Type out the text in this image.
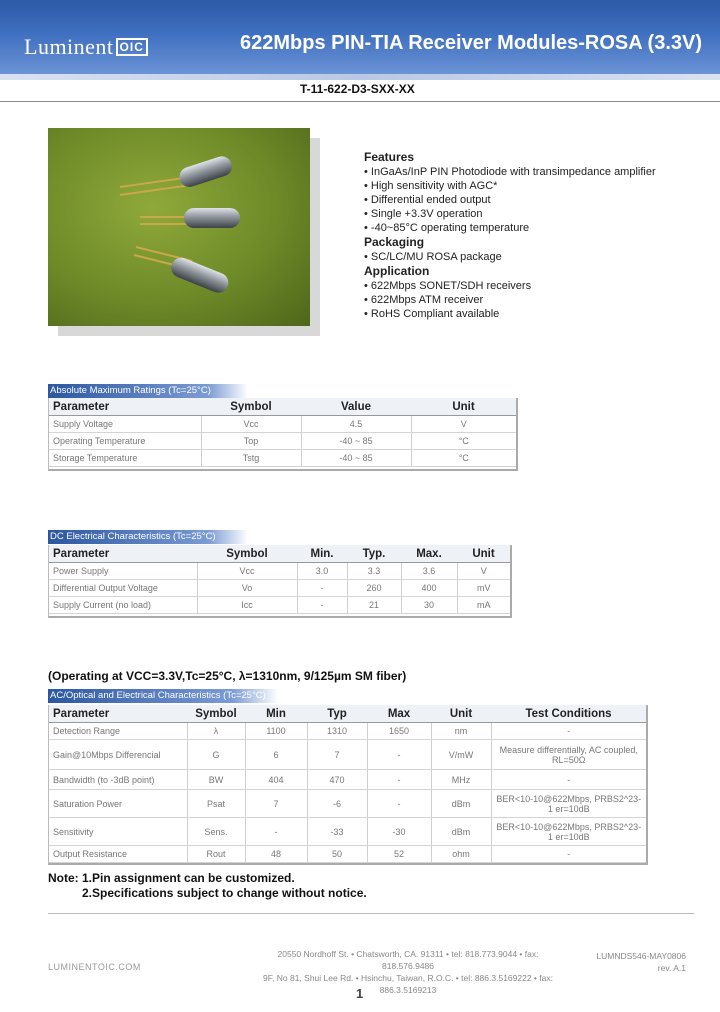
Luminent OIC	622Mbps PIN-TIA Receiver Modules-ROSA (3.3V)
T-11-622-D3-SXX-XX
Features
• InGaAs/InP PIN Photodiode with transimpedance amplifier
• High sensitivity with AGC*
• Differential ended output
• Single +3.3V operation
• -40~85°C operating temperature
Packaging
• SC/LC/MU ROSA package
Application
• 622Mbps SONET/SDH receivers
• 622Mbps ATM receiver
• RoHS Compliant available
Absolute Maximum Ratings (Tc=25°C)
Parameter	Symbol	Value	Unit
Supply Voltage	Vcc	4.5	V
Operating Temperature	Top	-40 ~ 85	°C
Storage Temperature	Tstg	-40 ~ 85	°C
DC Electrical Characteristics (Tc=25°C)
Parameter	Symbol	Min.	Typ.	Max.	Unit
Power Supply	Vcc	3.0	3.3	3.6	V
Differential Output Voltage	Vo	-	260	400	mV
Supply Current (no load)	Icc	-	21	30	mA
(Operating at VCC=3.3V,Tc=25°C, λ=1310nm, 9/125µm SM fiber)
AC/Optical and Electrical Characteristics (Tc=25°C)
Parameter	Symbol	Min	Typ	Max	Unit	Test Conditions
Detection Range	λ	1100	1310	1650	nm	-
Gain@10Mbps Differencial	G	6	7	-	V/mW	Measure differentially, AC coupled, RL=50Ω
Bandwidth (to -3dB point)	BW	404	470	-	MHz	-
Saturation Power	Psat	7	-6	-	dBm	BER<10-10@622Mbps, PRBS2^23-1 er=10dB
Sensitivity	Sens.	-	-33	-30	dBm	BER<10-10@622Mbps, PRBS2^23-1 er=10dB
Output Resistance	Rout	48	50	52	ohm	-
Note: 1.Pin assignment can be customized.
2.Specifications subject to change without notice.
LUMINENTOIC.COM
20550 Nordhoff St. • Chatsworth, CA. 91311 • tel: 818.773.9044 • fax: 818.576.9486
9F, No 81, Shui Lee Rd. • Hsinchu, Taiwan, R.O.C. • tel: 886.3.5169222 • fax: 886.3.5169213
LUMNDS546-MAY0806
rev. A.1
1
